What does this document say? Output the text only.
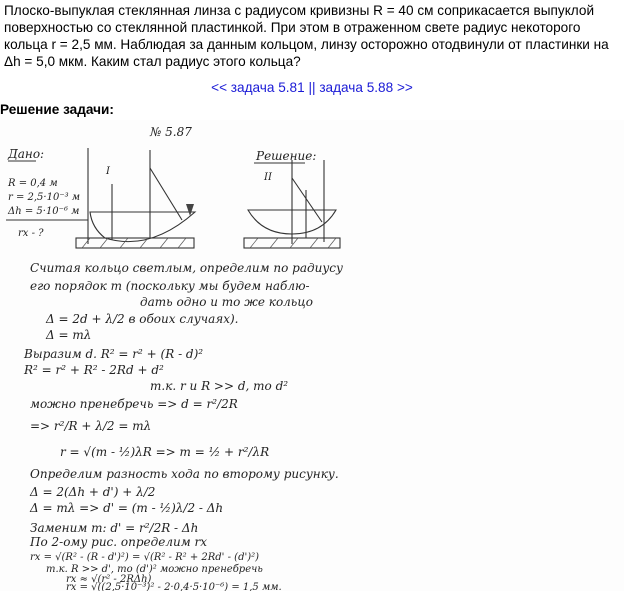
Плоско-выпуклая стеклянная линза с радиусом кривизны R = 40 см соприкасается выпуклой поверхностью со стеклянной пластинкой. При этом в отраженном свете радиус некоторого кольца r = 2,5 мм. Наблюдая за данным кольцом, линзу осторожно отодвинули от пластинки на Δh = 5,0 мкм. Каким стал радиус этого кольца?
<< задача 5.81 || задача 5.88 >>
Решение задачи:
№ 5.87
Дано:
R = 0,4 м
r = 2,5·10⁻³ м
Δh = 5·10⁻⁶ м
rx - ?
Решение:
I
II
Считая кольцо светлым, определим по радиусу
его порядок m (поскольку мы будем наблю-
дать одно и то же кольцо
Δ = 2d + λ/2 в обоих случаях).
Δ = mλ
Выразим d. R² = r² + (R - d)²
R² = r² + R² - 2Rd + d²
т.к. r и R >> d, то d²
можно пренебречь => d = r²/2R
=> r²/R + λ/2 = mλ
r = √(m - ½)λR => m = ½ + r²/λR
Определим разность хода по второму рисунку.
Δ = 2(Δh + d') + λ/2
Δ = mλ => d' = (m - ½)λ/2 - Δh
Заменим m: d' = r²/2R - Δh
По 2-ому рис. определим rx
rx = √(R² - (R - d')²) = √(R² - R² + 2Rd' - (d')²)
т.к. R >> d', то (d')² можно пренебречь
rx ≈ √(r² - 2RΔh)
rx = √((2,5·10⁻³)² - 2·0,4·5·10⁻⁶) = 1,5 мм.
